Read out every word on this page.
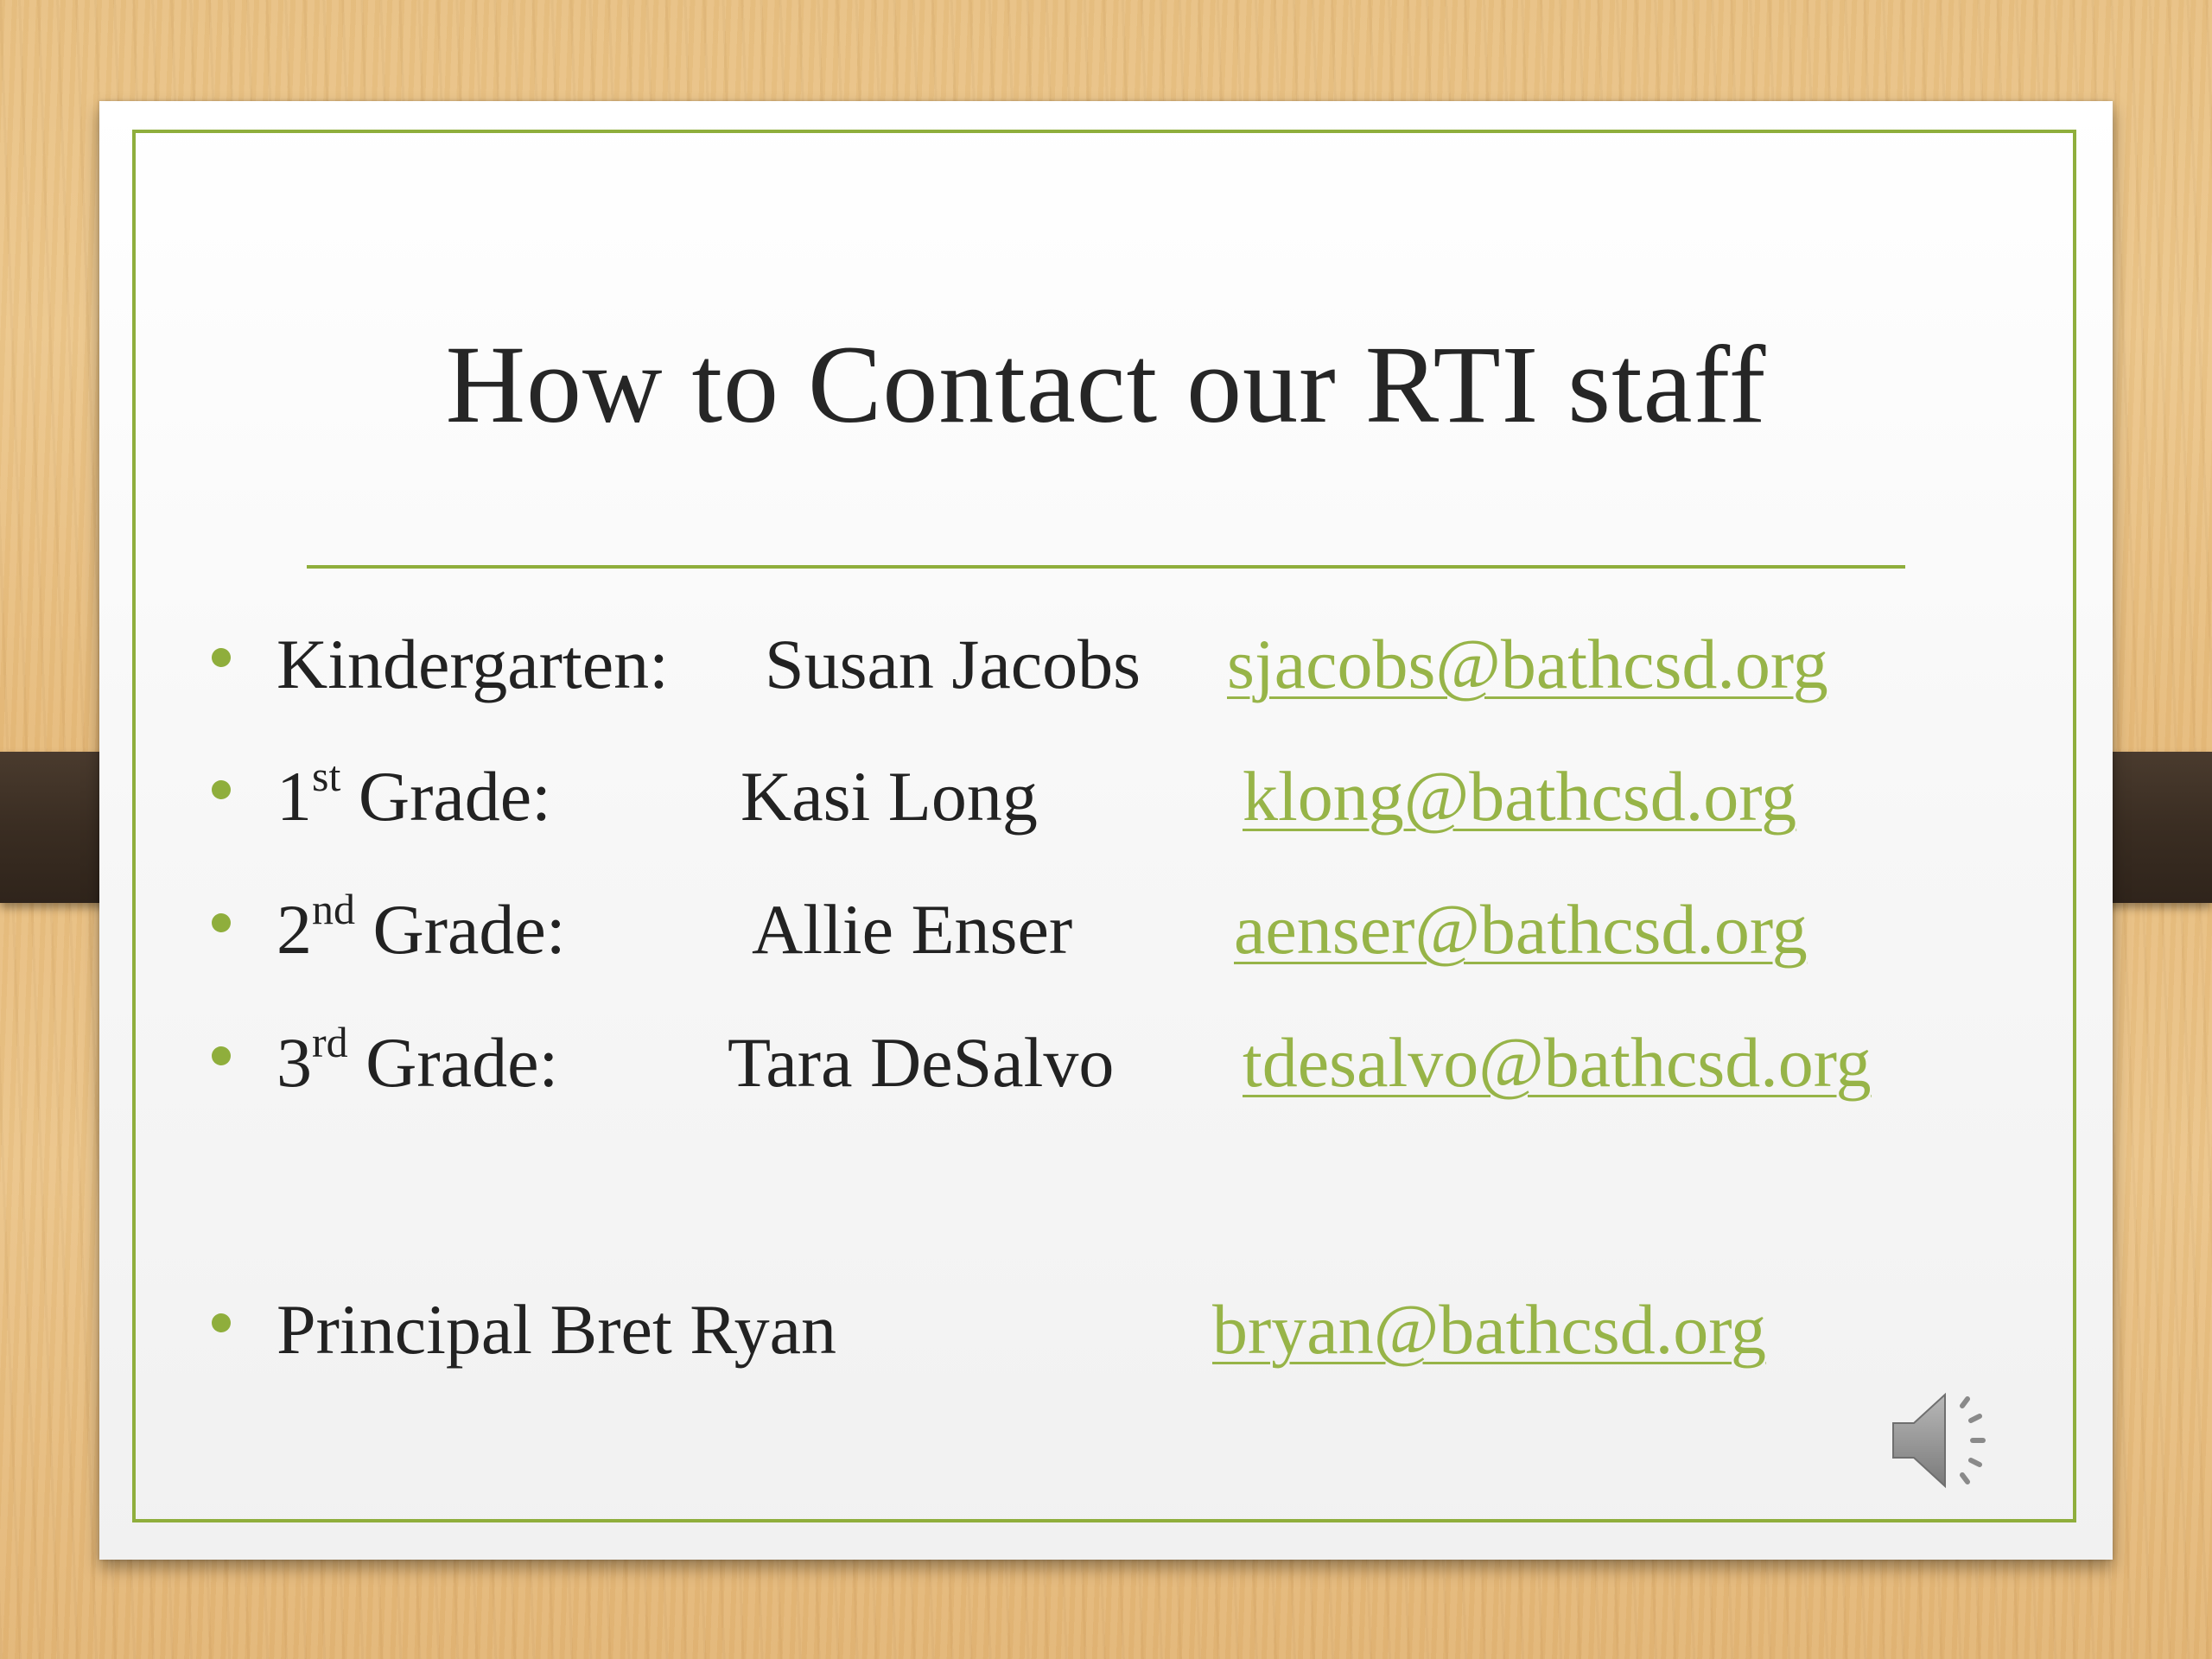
How to Contact our RTI staff
Kindergarten: Susan Jacobs sjacobs@bathcsd.org
1st Grade:	Kasi Long	klong@bathcsd.org
2nd Grade:	Allie Enser aenser@bathcsd.org
3rd Grade: Tara DeSalvo tdesalvo@bathcsd.org
Principal Bret Ryan	bryan@bathcsd.org
